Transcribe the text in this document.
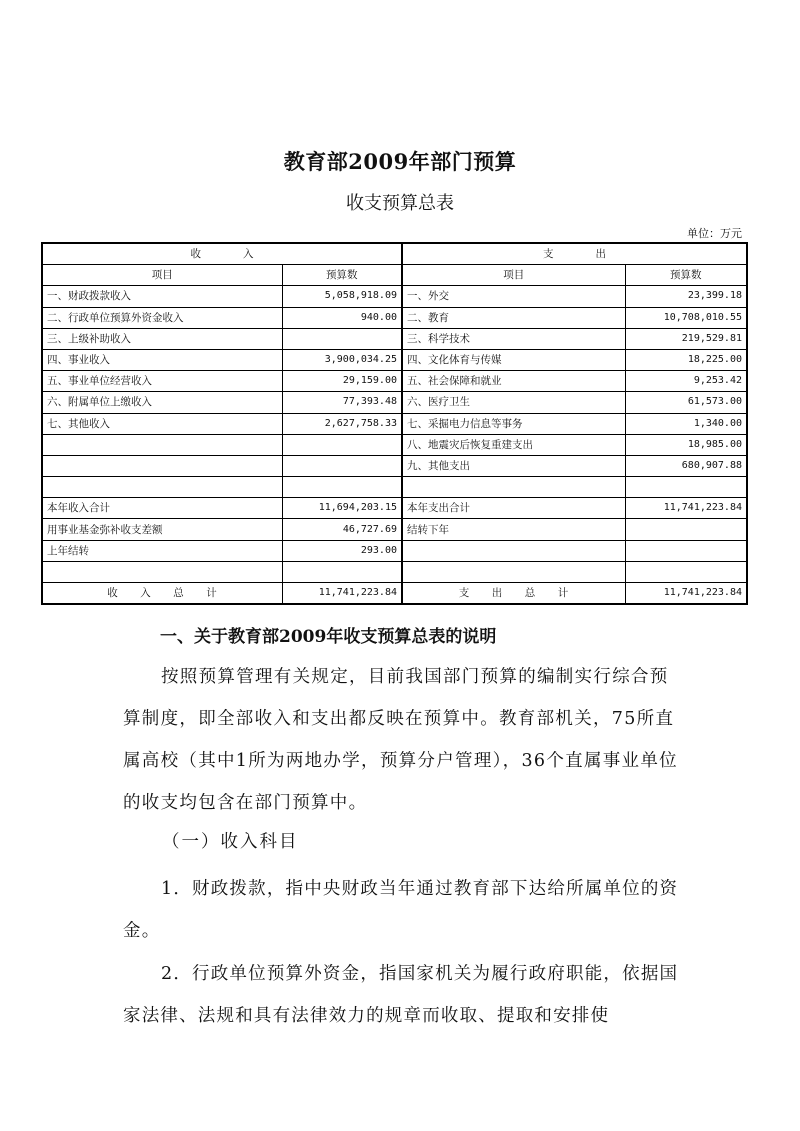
教育部2009年部门预算
收支预算总表
单位：万元
收　　　　入		支　　　　出	
项目	预算数	项目	预算数
一、财政拨款收入	5,058,918.09	一、外交	23,399.18
二、行政单位预算外资金收入	940.00	二、教育	10,708,010.55
三、上级补助收入		三、科学技术	219,529.81
四、事业收入	3,900,034.25	四、文化体育与传媒	18,225.00
五、事业单位经营收入	29,159.00	五、社会保障和就业	9,253.42
六、附属单位上缴收入	77,393.48	六、医疗卫生	61,573.00
七、其他收入	2,627,758.33	七、采掘电力信息等事务	1,340.00
		八、地震灾后恢复重建支出	18,985.00
		九、其他支出	680,907.88

本年收入合计	11,694,203.15	本年支出合计	11,741,223.84
用事业基金弥补收支差额	46,727.69	结转下年	
上年结转	293.00		

收　　入　　总　　计	11,741,223.84	支　　出　　总　　计	11,741,223.84
一、关于教育部2009年收支预算总表的说明

按照预算管理有关规定，目前我国部门预算的编制实行综合预算制度，即全部收入和支出都反映在预算中。教育部机关，75所直属高校（其中1所为两地办学，预算分户管理），36个直属事业单位的收支均包含在部门预算中。

（一）收入科目

1．财政拨款，指中央财政当年通过教育部下达给所属单位的资金。

2．行政单位预算外资金，指国家机关为履行政府职能，依据国家法律、法规和具有法律效力的规章而收取、提取和安排使
